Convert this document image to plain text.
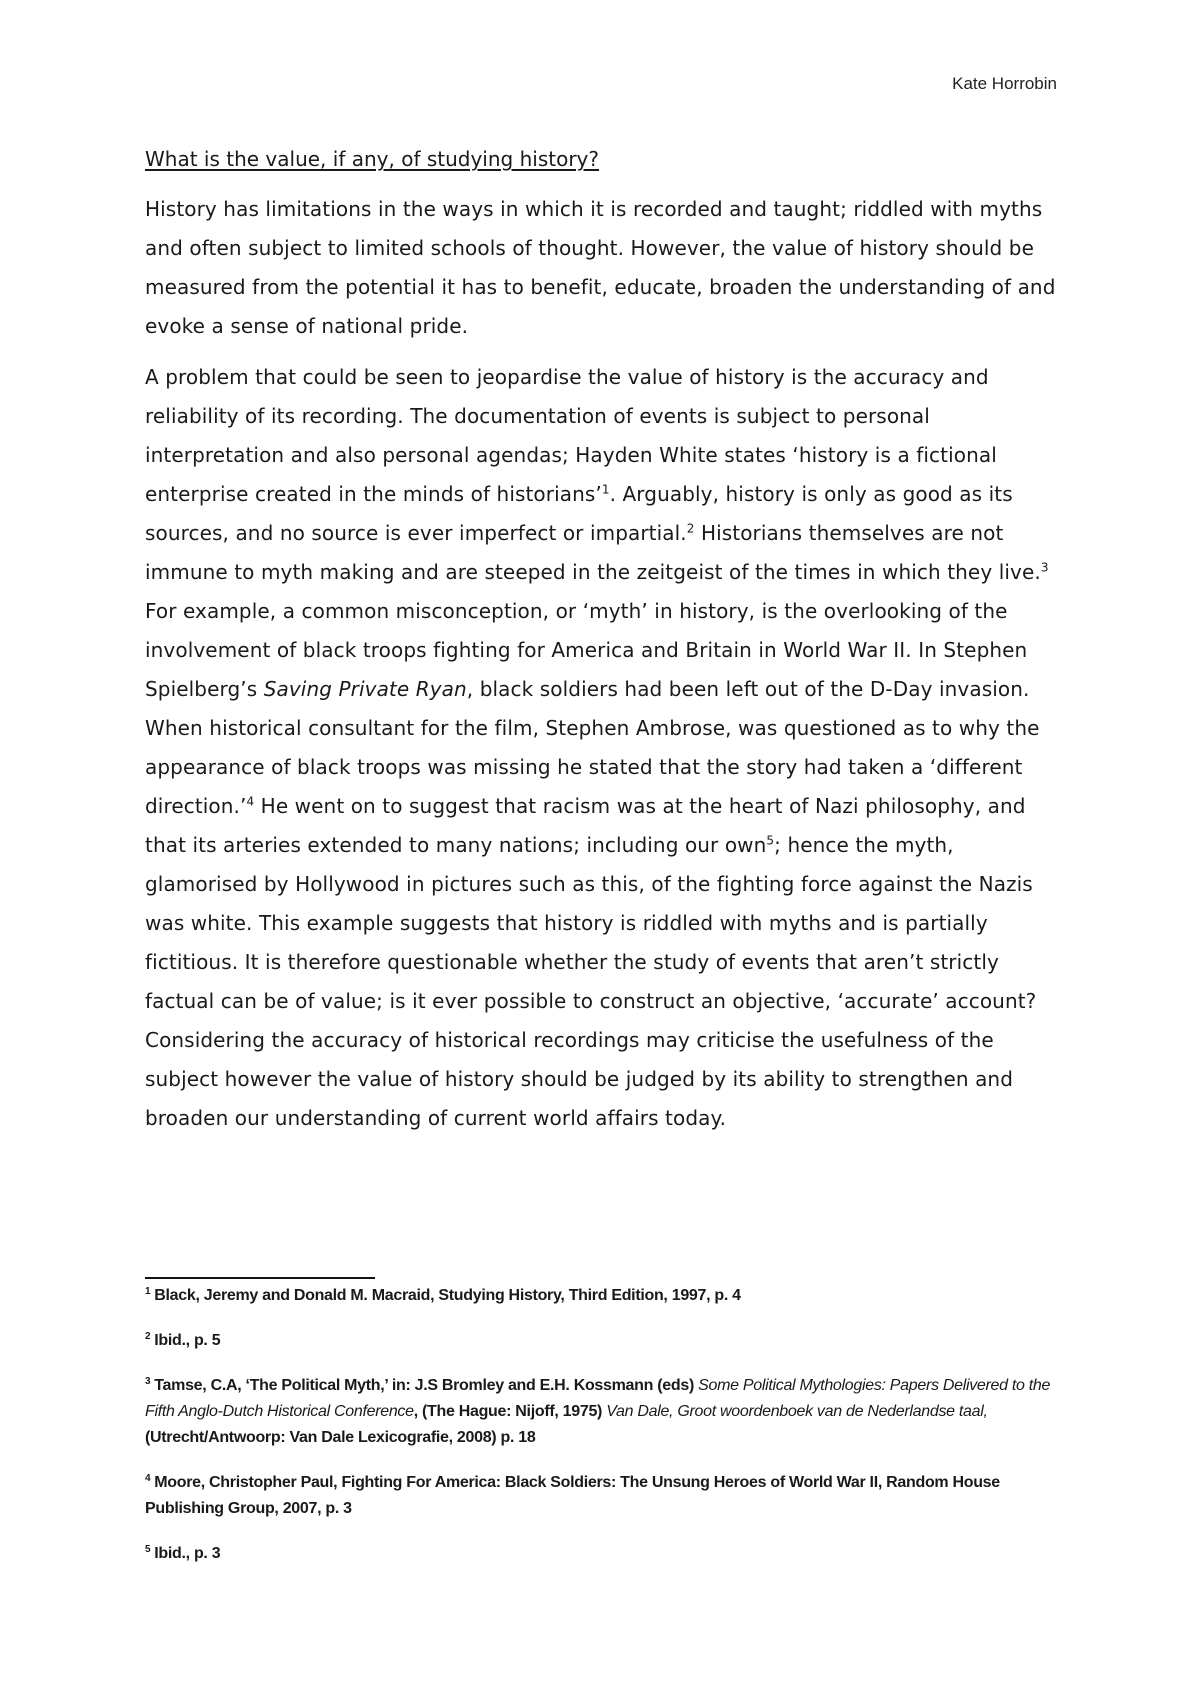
Kate Horrobin

What is the value, if any, of studying history?

History has limitations in the ways in which it is recorded and taught; riddled with myths and often subject to limited schools of thought. However, the value of history should be measured from the potential it has to benefit, educate, broaden the understanding of and evoke a sense of national pride.

A problem that could be seen to jeopardise the value of history is the accuracy and reliability of its recording. The documentation of events is subject to personal interpretation and also personal agendas; Hayden White states ‘history is a fictional enterprise created in the minds of historians’$^1$. Arguably, history is only as good as its sources, and no source is ever imperfect or impartial.$^2$ Historians themselves are not immune to myth making and are steeped in the zeitgeist of the times in which they live.$^3$ For example, a common misconception, or ‘myth’ in history, is the overlooking of the involvement of black troops fighting for America and Britain in World War II. In Stephen Spielberg’s Saving Private Ryan, black soldiers had been left out of the D-Day invasion. When historical consultant for the film, Stephen Ambrose, was questioned as to why the appearance of black troops was missing he stated that the story had taken a ‘different direction.’$^4$ He went on to suggest that racism was at the heart of Nazi philosophy, and that its arteries extended to many nations; including our own$^5$; hence the myth, glamorised by Hollywood in pictures such as this, of the fighting force against the Nazis was white. This example suggests that history is riddled with myths and is partially fictitious. It is therefore questionable whether the study of events that aren’t strictly factual can be of value; is it ever possible to construct an objective, ‘accurate’ account? Considering the accuracy of historical recordings may criticise the usefulness of the subject however the value of history should be judged by its ability to strengthen and broaden our understanding of current world affairs today.

$^1$ Black, Jeremy and Donald M. Macraid, Studying History, Third Edition, 1997, p. 4

$^2$ Ibid., p. 5

$^3$ Tamse, C.A, ‘The Political Myth,’ in: J.S Bromley and E.H. Kossmann (eds) Some Political Mythologies: Papers Delivered to the Fifth Anglo-Dutch Historical Conference, (The Hague: Nijoff, 1975) Van Dale, Groot woordenboek van de Nederlandse taal, (Utrecht/Antwoorp: Van Dale Lexicografie, 2008) p. 18

$^4$ Moore, Christopher Paul, Fighting For America: Black Soldiers: The Unsung Heroes of World War II, Random House Publishing Group, 2007, p. 3

$^5$ Ibid., p. 3
